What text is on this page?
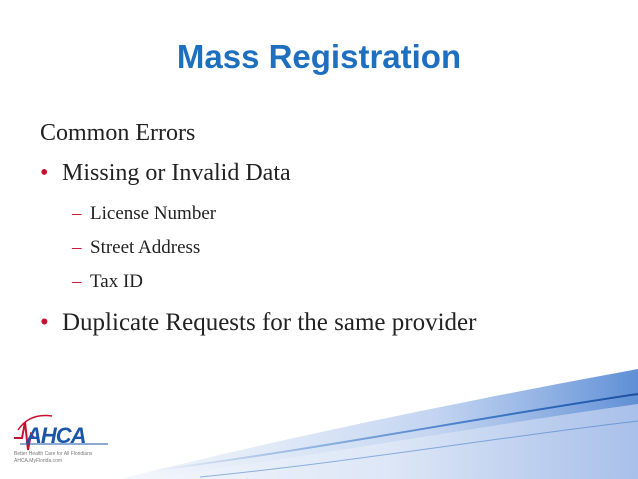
Mass Registration
Common Errors
• Missing or Invalid Data
– License Number
– Street Address
– Tax ID
• Duplicate Requests for the same provider
AHCA
Better Health Care for All Floridians
AHCA.MyFlorida.com
